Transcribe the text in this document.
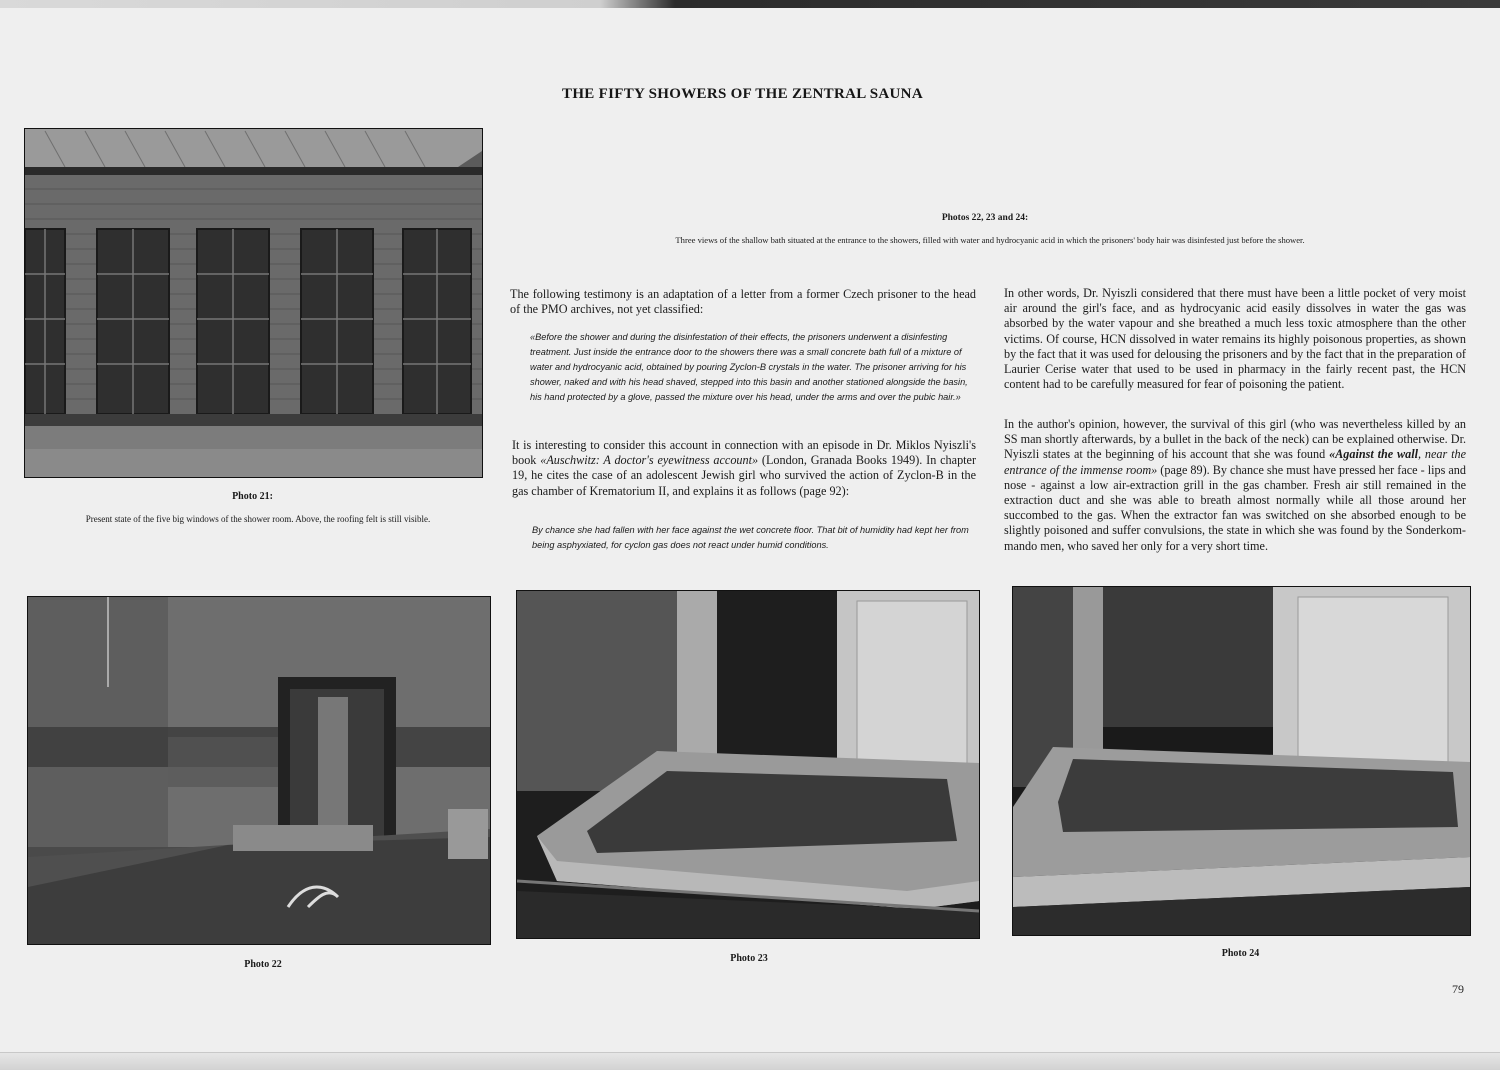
THE FIFTY SHOWERS OF THE ZENTRAL SAUNA
Photo 21:
Present state of the five big windows of the shower room. Above, the roofing felt is still visible.
Photos 22, 23 and 24:
Three views of the shallow bath situated at the entrance to the showers, filled with water and hydrocyanic acid in which the prisoners' body hair was disinfested just before the shower.

The following testimony is an adaptation of a letter from a former Czech prisoner to the head of the PMO archives, not yet classified:

«Before the shower and during the disinfestation of their effects, the prisoners underwent a disinfesting treatment. Just inside the entrance door to the showers there was a small concrete bath full of a mixture of water and hydrocyanic acid, obtained by pouring Zyclon-B crystals in the water. The prisoner arriving for his shower, naked and with his head shaved, stepped into this basin and another stationed alongside the basin, his hand protected by a glove, passed the mixture over his head, under the arms and over the pubic hair.»

It is interesting to consider this account in connection with an episode in Dr. Miklos Nyiszli's book «Auschwitz: A doctor's eyewitness account» (London, Granada Books 1949). In chapter 19, he cites the case of an adolescent Jewish girl who survived the action of Zyclon-B in the gas chamber of Krematorium II, and explains it as follows (page 92):

By chance she had fallen with her face against the wet concrete floor. That bit of humidity had kept her from being asphyxiated, for cyclon gas does not react under humid conditions.

In other words, Dr. Nyiszli considered that there must have been a little pocket of very moist air around the girl's face, and as hydrocyanic acid easily dissolves in water the gas was absorbed by the water vapour and she breathed a much less toxic atmosphere than the other victims. Of course, HCN dissolved in water remains its highly poisonous properties, as shown by the fact that it was used for delousing the prisoners and by the fact that in the preparation of Laurier Cerise water that used to be used in pharmacy in the fairly recent past, the HCN content had to be carefully measured for fear of poisoning the patient.

In the author's opinion, however, the survival of this girl (who was nevertheless killed by an SS man shortly afterwards, by a bullet in the back of the neck) can be explained otherwise. Dr. Nyiszli states at the beginning of his account that she was found «Against the wall, near the entrance of the immense room» (page 89). By chance she must have pressed her face - lips and nose - against a low air-extraction grill in the gas chamber. Fresh air still remained in the extraction duct and she was able to breath almost normally while all those around her succombed to the gas. When the extractor fan was switched on she absorbed enough to be slightly poisoned and suffer convulsions, the state in which she was found by the Sonderkom-mando men, who saved her only for a very short time.

Photo 22
Photo 23	Photo 24
79
